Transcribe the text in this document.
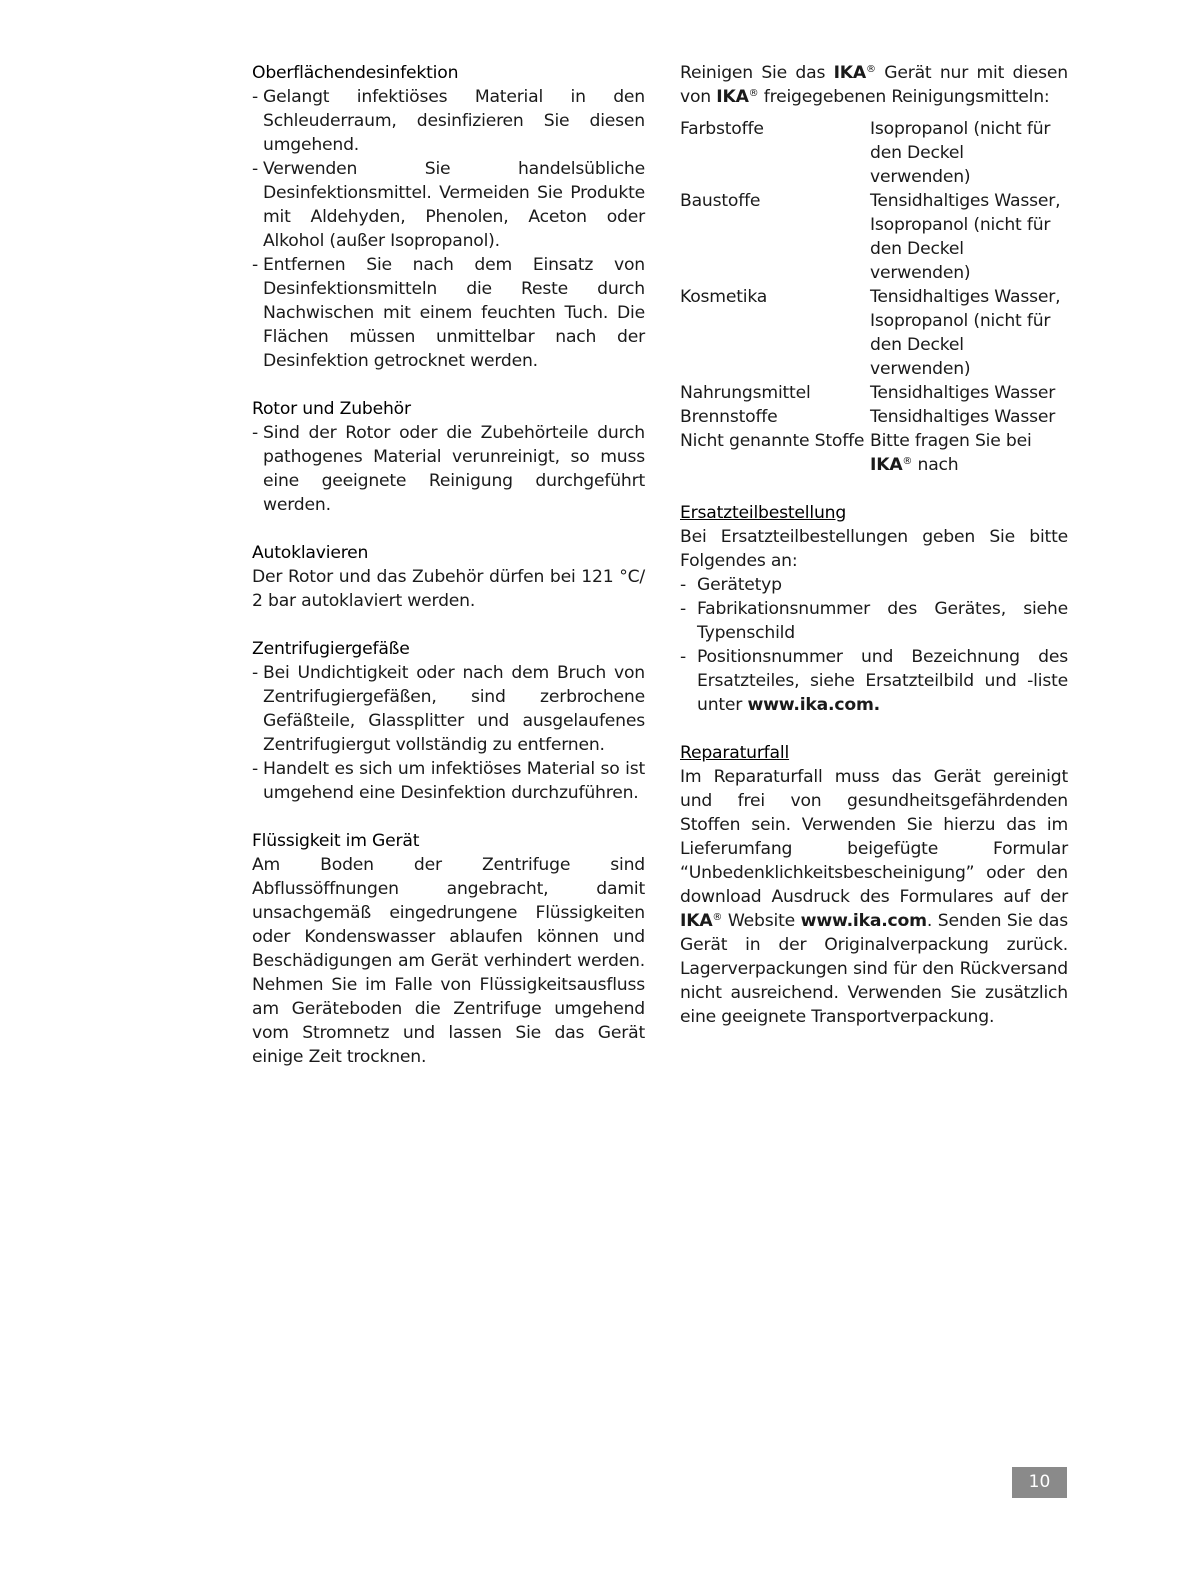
Oberflächendesinfektion

- Gelangt infektiöses Material in den Schleuderraum, desinfizieren Sie diesen umgehend.
- Verwenden Sie handelsübliche Desinfektionsmittel. Vermeiden Sie Produkte mit Aldehyden, Phenolen, Aceton oder Alkohol (außer Isopropanol).
- Entfernen Sie nach dem Einsatz von Desinfektionsmitteln die Reste durch Nachwischen mit einem feuchten Tuch. Die Flächen müssen unmittelbar nach der Desinfektion getrocknet werden.

Rotor und Zubehör

- Sind der Rotor oder die Zubehörteile durch pathogenes Material verunreinigt, so muss eine geeignete Reinigung durchgeführt werden.

Autoklavieren

Der Rotor und das Zubehör dürfen bei 121 °C/ 2 bar autoklaviert werden.

Zentrifugiergefäße

- Bei Undichtigkeit oder nach dem Bruch von Zentrifugiergefäßen, sind zerbrochene Gefäßteile, Glassplitter und ausgelaufenes Zentrifugiergut vollständig zu entfernen.
- Handelt es sich um infektiöses Material so ist umgehend eine Desinfektion durchzuführen.

Flüssigkeit im Gerät

Am Boden der Zentrifuge sind Abflussöffnungen angebracht, damit unsachgemäß eingedrungene Flüssigkeiten oder Kondenswasser ablaufen können und Beschädigungen am Gerät verhindert werden. Nehmen Sie im Falle von Flüssigkeitsausfluss am Geräteboden die Zentrifuge umgehend vom Stromnetz und lassen Sie das Gerät einige Zeit trocknen.

Reinigen Sie das IKA® Gerät nur mit diesen von IKA® freigegebenen Reinigungsmitteln:

Farbstoffe	Isopropanol (nicht für den Deckel verwenden)
Baustoffe	Tensidhaltiges Wasser, Isopropanol (nicht für den Deckel verwenden)
Kosmetika	Tensidhaltiges Wasser, Isopropanol (nicht für den Deckel verwenden)
Nahrungsmittel	Tensidhaltiges Wasser
Brennstoffe	Tensidhaltiges Wasser
Nicht genannte Stoffe	Bitte fragen Sie bei
IKA® nach

Ersatzteilbestellung

Bei Ersatzteilbestellungen geben Sie bitte Folgendes an:

- Gerätetyp
- Fabrikationsnummer des Gerätes, siehe Typenschild
- Positionsnummer und Bezeichnung des Ersatzteiles, siehe Ersatzteilbild und -liste unter www.ika.com.

Reparaturfall

Im Reparaturfall muss das Gerät gereinigt und frei von gesundheitsgefährdenden Stoffen sein. Verwenden Sie hierzu das im Lieferumfang beigefügte Formular “Unbedenklichkeitsbescheinigung” oder den download Ausdruck des Formulares auf der IKA® Website www.ika.com. Senden Sie das Gerät in der Originalverpackung zurück. Lagerverpackungen sind für den Rückversand nicht ausreichend. Verwenden Sie zusätzlich eine geeignete Transportverpackung.

10
